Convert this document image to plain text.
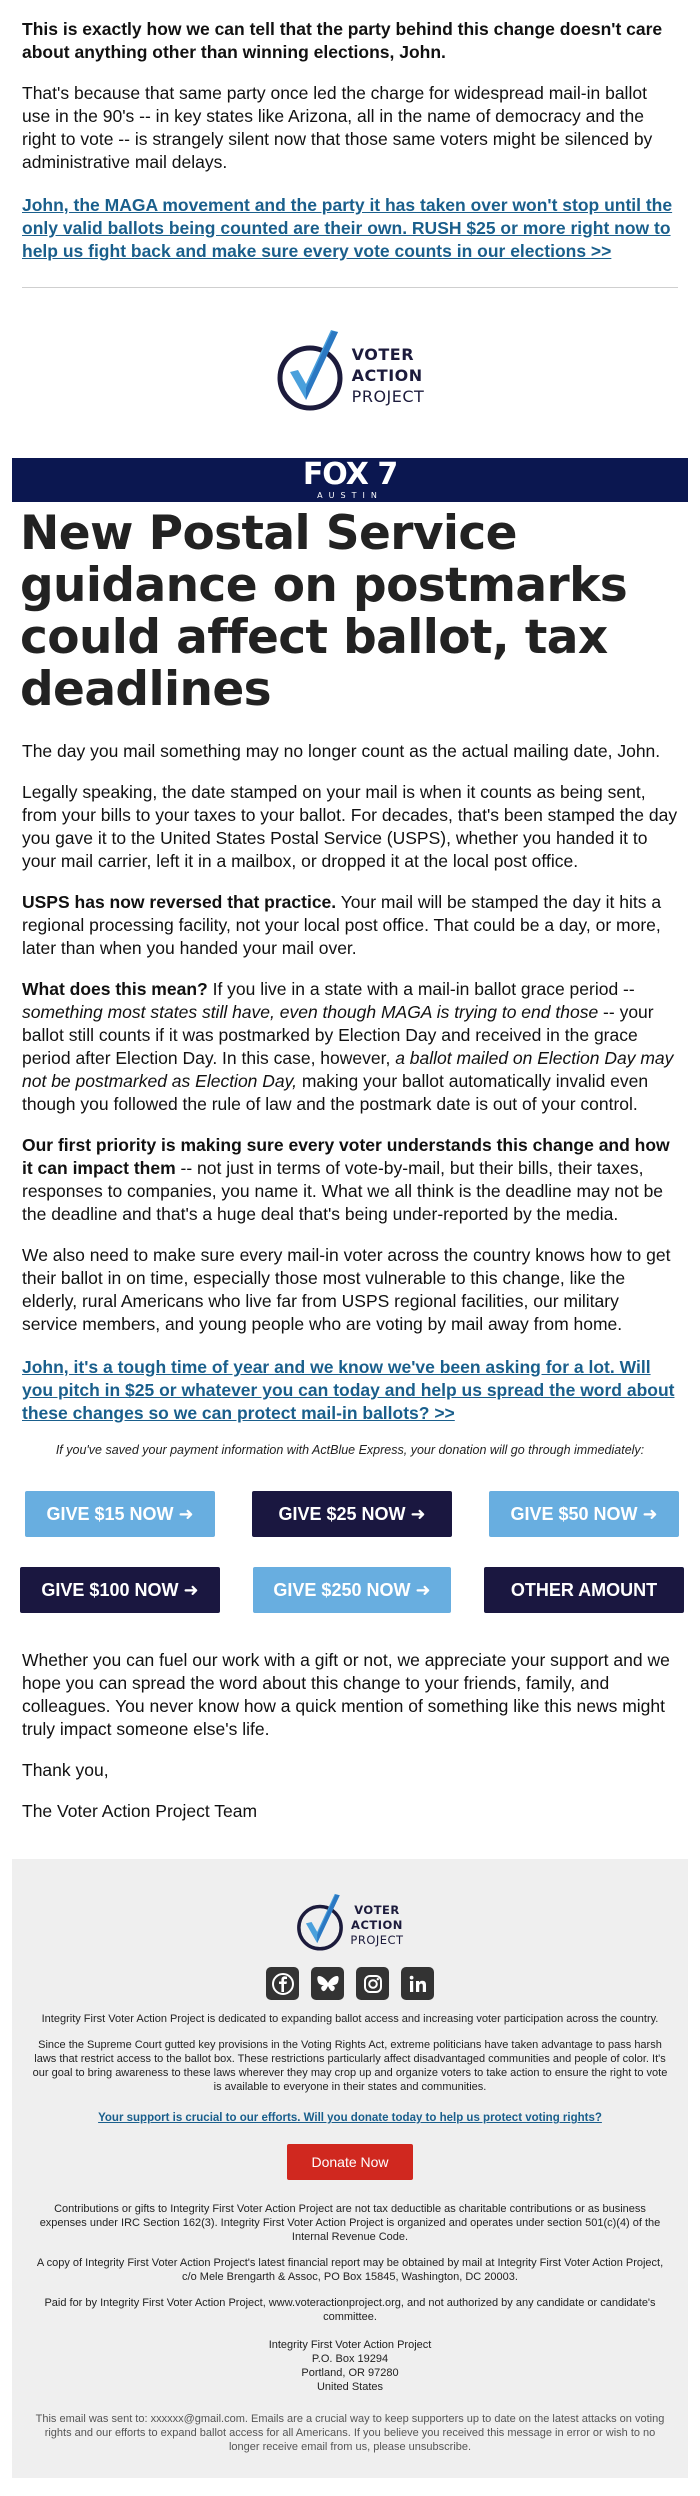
This is exactly how we can tell that the party behind this change doesn't care about anything other than winning elections, John.

That's because that same party once led the charge for widespread mail-in ballot use in the 90's -- in key states like Arizona, all in the name of democracy and the right to vote -- is strangely silent now that those same voters might be silenced by administrative mail delays.

John, the MAGA movement and the party it has taken over won't stop until the only valid ballots being counted are their own. RUSH $25 or more right now to help us fight back and make sure every vote counts in our elections >>

VOTER
ACTION
PROJECT
FOX 7
AUSTIN
New Postal Service guidance on postmarks could affect ballot, tax deadlines

The day you mail something may no longer count as the actual mailing date, John.

Legally speaking, the date stamped on your mail is when it counts as being sent, from your bills to your taxes to your ballot. For decades, that's been stamped the day you gave it to the United States Postal Service (USPS), whether you handed it to your mail carrier, left it in a mailbox, or dropped it at the local post office.

USPS has now reversed that practice. Your mail will be stamped the day it hits a regional processing facility, not your local post office. That could be a day, or more, later than when you handed your mail over.

What does this mean? If you live in a state with a mail-in ballot grace period -- something most states still have, even though MAGA is trying to end those -- your ballot still counts if it was postmarked by Election Day and received in the grace period after Election Day. In this case, however, a ballot mailed on Election Day may not be postmarked as Election Day, making your ballot automatically invalid even though you followed the rule of law and the postmark date is out of your control.

Our first priority is making sure every voter understands this change and how it can impact them -- not just in terms of vote-by-mail, but their bills, their taxes, responses to companies, you name it. What we all think is the deadline may not be the deadline and that's a huge deal that's being under-reported by the media.

We also need to make sure every mail-in voter across the country knows how to get their ballot in on time, especially those most vulnerable to this change, like the elderly, rural Americans who live far from USPS regional facilities, our military service members, and young people who are voting by mail away from home.

John, it's a tough time of year and we know we've been asking for a lot. Will you pitch in $25 or whatever you can today and help us spread the word about these changes so we can protect mail-in ballots? >>

If you've saved your payment information with ActBlue Express, your donation will go through immediately:

GIVE $15 NOW ➜	GIVE $25 NOW ➜	GIVE $50 NOW ➜
GIVE $100 NOW ➜	GIVE $250 NOW ➜	OTHER AMOUNT

Whether you can fuel our work with a gift or not, we appreciate your support and we hope you can spread the word about this change to your friends, family, and colleagues. You never know how a quick mention of something like this news might truly impact someone else's life.

Thank you,

The Voter Action Project Team

VOTER
ACTION
PROJECT

Integrity First Voter Action Project is dedicated to expanding ballot access and increasing voter participation across the country.

Since the Supreme Court gutted key provisions in the Voting Rights Act, extreme politicians have taken advantage to pass harsh laws that restrict access to the ballot box. These restrictions particularly affect disadvantaged communities and people of color. It's our goal to bring awareness to these laws wherever they may crop up and organize voters to take action to ensure the right to vote is available to everyone in their states and communities.

Your support is crucial to our efforts. Will you donate today to help us protect voting rights?

Donate Now

Contributions or gifts to Integrity First Voter Action Project are not tax deductible as charitable contributions or as business expenses under IRC Section 162(3). Integrity First Voter Action Project is organized and operates under section 501(c)(4) of the Internal Revenue Code.

A copy of Integrity First Voter Action Project's latest financial report may be obtained by mail at Integrity First Voter Action Project, c/o Mele Brengarth & Assoc, PO Box 15845, Washington, DC 20003.

Paid for by Integrity First Voter Action Project, www.voteractionproject.org, and not authorized by any candidate or candidate's committee.

Integrity First Voter Action Project
P.O. Box 19294
Portland, OR 97280
United States

This email was sent to: xxxxxx@gmail.com. Emails are a crucial way to keep supporters up to date on the latest attacks on voting rights and our efforts to expand ballot access for all Americans. If you believe you received this message in error or wish to no longer receive email from us, please unsubscribe.
